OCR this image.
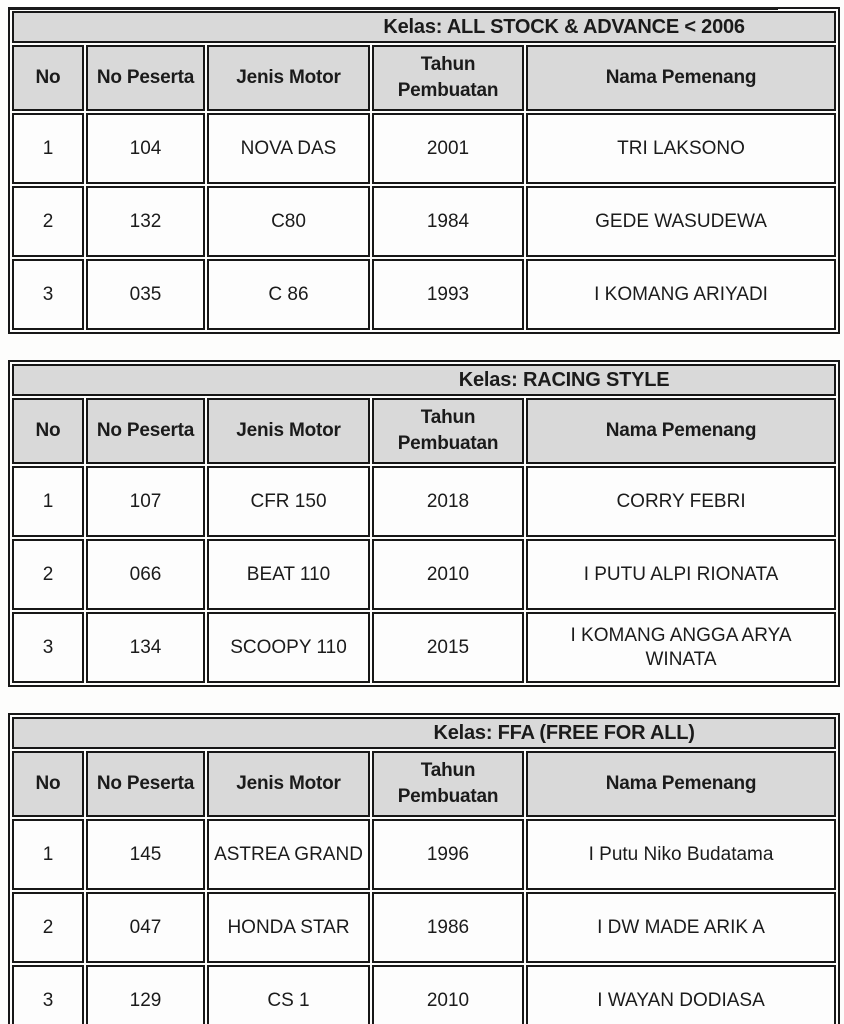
Kelas: ALL STOCK & ADVANCE < 2006				
No	No Peserta	Jenis Motor	Tahun Pembuatan	Nama Pemenang
1	104	NOVA DAS	2001	TRI LAKSONO
2	132	C80	1984	GEDE WASUDEWA
3	035	C 86	1993	I KOMANG ARIYADI
Kelas: RACING STYLE				
No	No Peserta	Jenis Motor	Tahun Pembuatan	Nama Pemenang
1	107	CFR 150	2018	CORRY FEBRI
2	066	BEAT 110	2010	I PUTU ALPI RIONATA
3	134	SCOOPY 110	2015	I KOMANG ANGGA ARYA WINATA
Kelas: FFA (FREE FOR ALL)				
No	No Peserta	Jenis Motor	Tahun Pembuatan	Nama Pemenang
1	145	ASTREA GRAND	1996	I Putu Niko Budatama
2	047	HONDA STAR	1986	I DW MADE ARIK A
3	129	CS 1	2010	I WAYAN DODIASA
